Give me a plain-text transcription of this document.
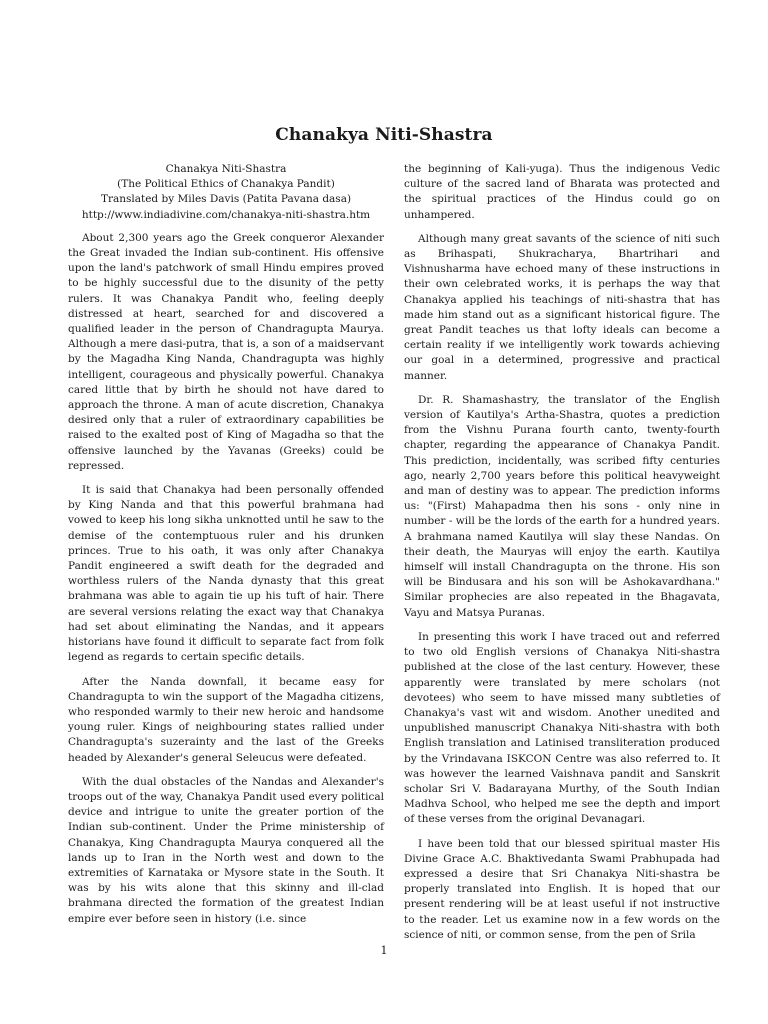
Chanakya Niti-Shastra
Chanakya Niti-Shastra
(The Political Ethics of Chanakya Pandit)
Translated by Miles Davis (Patita Pavana dasa)
http://www.indiadivine.com/chanakya-niti-shastra.htm

About 2,300 years ago the Greek conqueror Alexander the Great invaded the Indian sub-continent. His offensive upon the land's patchwork of small Hindu empires proved to be highly successful due to the disunity of the petty rulers. It was Chanakya Pandit who, feeling deeply distressed at heart, searched for and discovered a qualified leader in the person of Chandragupta Maurya. Although a mere dasi-putra, that is, a son of a maidservant by the Magadha King Nanda, Chandragupta was highly intelligent, courageous and physically powerful. Chanakya cared little that by birth he should not have dared to approach the throne. A man of acute discretion, Chanakya desired only that a ruler of extraordinary capabilities be raised to the exalted post of King of Magadha so that the offensive launched by the Yavanas (Greeks) could be repressed.

It is said that Chanakya had been personally offended by King Nanda and that this powerful brahmana had vowed to keep his long sikha unknotted until he saw to the demise of the contemptuous ruler and his drunken princes. True to his oath, it was only after Chanakya Pandit engineered a swift death for the degraded and worthless rulers of the Nanda dynasty that this great brahmana was able to again tie up his tuft of hair. There are several versions relating the exact way that Chanakya had set about eliminating the Nandas, and it appears historians have found it difficult to separate fact from folk legend as regards to certain specific details.

After the Nanda downfall, it became easy for Chandragupta to win the support of the Magadha citizens, who responded warmly to their new heroic and handsome young ruler. Kings of neighbouring states rallied under Chandragupta's suzerainty and the last of the Greeks headed by Alexander's general Seleucus were defeated.

With the dual obstacles of the Nandas and Alexander's troops out of the way, Chanakya Pandit used every political device and intrigue to unite the greater portion of the Indian sub-continent. Under the Prime ministership of Chanakya, King Chandragupta Maurya conquered all the lands up to Iran in the North west and down to the extremities of Karnataka or Mysore state in the South. It was by his wits alone that this skinny and ill-clad brahmana directed the formation of the greatest Indian empire ever before seen in history (i.e. since

the beginning of Kali-yuga). Thus the indigenous Vedic culture of the sacred land of Bharata was protected and the spiritual practices of the Hindus could go on unhampered.

Although many great savants of the science of niti such as Brihaspati, Shukracharya, Bhartrihari and Vishnusharma have echoed many of these instructions in their own celebrated works, it is perhaps the way that Chanakya applied his teachings of niti-shastra that has made him stand out as a significant historical figure. The great Pandit teaches us that lofty ideals can become a certain reality if we intelligently work towards achieving our goal in a determined, progressive and practical manner.

Dr. R. Shamashastry, the translator of the English version of Kautilya's Artha-Shastra, quotes a prediction from the Vishnu Purana fourth canto, twenty-fourth chapter, regarding the appearance of Chanakya Pandit. This prediction, incidentally, was scribed fifty centuries ago, nearly 2,700 years before this political heavyweight and man of destiny was to appear. The prediction informs us: "(First) Mahapadma then his sons - only nine in number - will be the lords of the earth for a hundred years. A brahmana named Kautilya will slay these Nandas. On their death, the Mauryas will enjoy the earth. Kautilya himself will install Chandragupta on the throne. His son will be Bindusara and his son will be Ashokavardhana." Similar prophecies are also repeated in the Bhagavata, Vayu and Matsya Puranas.

In presenting this work I have traced out and referred to two old English versions of Chanakya Niti-shastra published at the close of the last century. However, these apparently were translated by mere scholars (not devotees) who seem to have missed many subtleties of Chanakya's vast wit and wisdom. Another unedited and unpublished manuscript Chanakya Niti-shastra with both English translation and Latinised transliteration produced by the Vrindavana ISKCON Centre was also referred to. It was however the learned Vaishnava pandit and Sanskrit scholar Sri V. Badarayana Murthy, of the South Indian Madhva School, who helped me see the depth and import of these verses from the original Devanagari.

I have been told that our blessed spiritual master His Divine Grace A.C. Bhaktivedanta Swami Prabhupada had expressed a desire that Sri Chanakya Niti-shastra be properly translated into English. It is hoped that our present rendering will be at least useful if not instructive to the reader. Let us examine now in a few words on the science of niti, or common sense, from the pen of Srila

1
